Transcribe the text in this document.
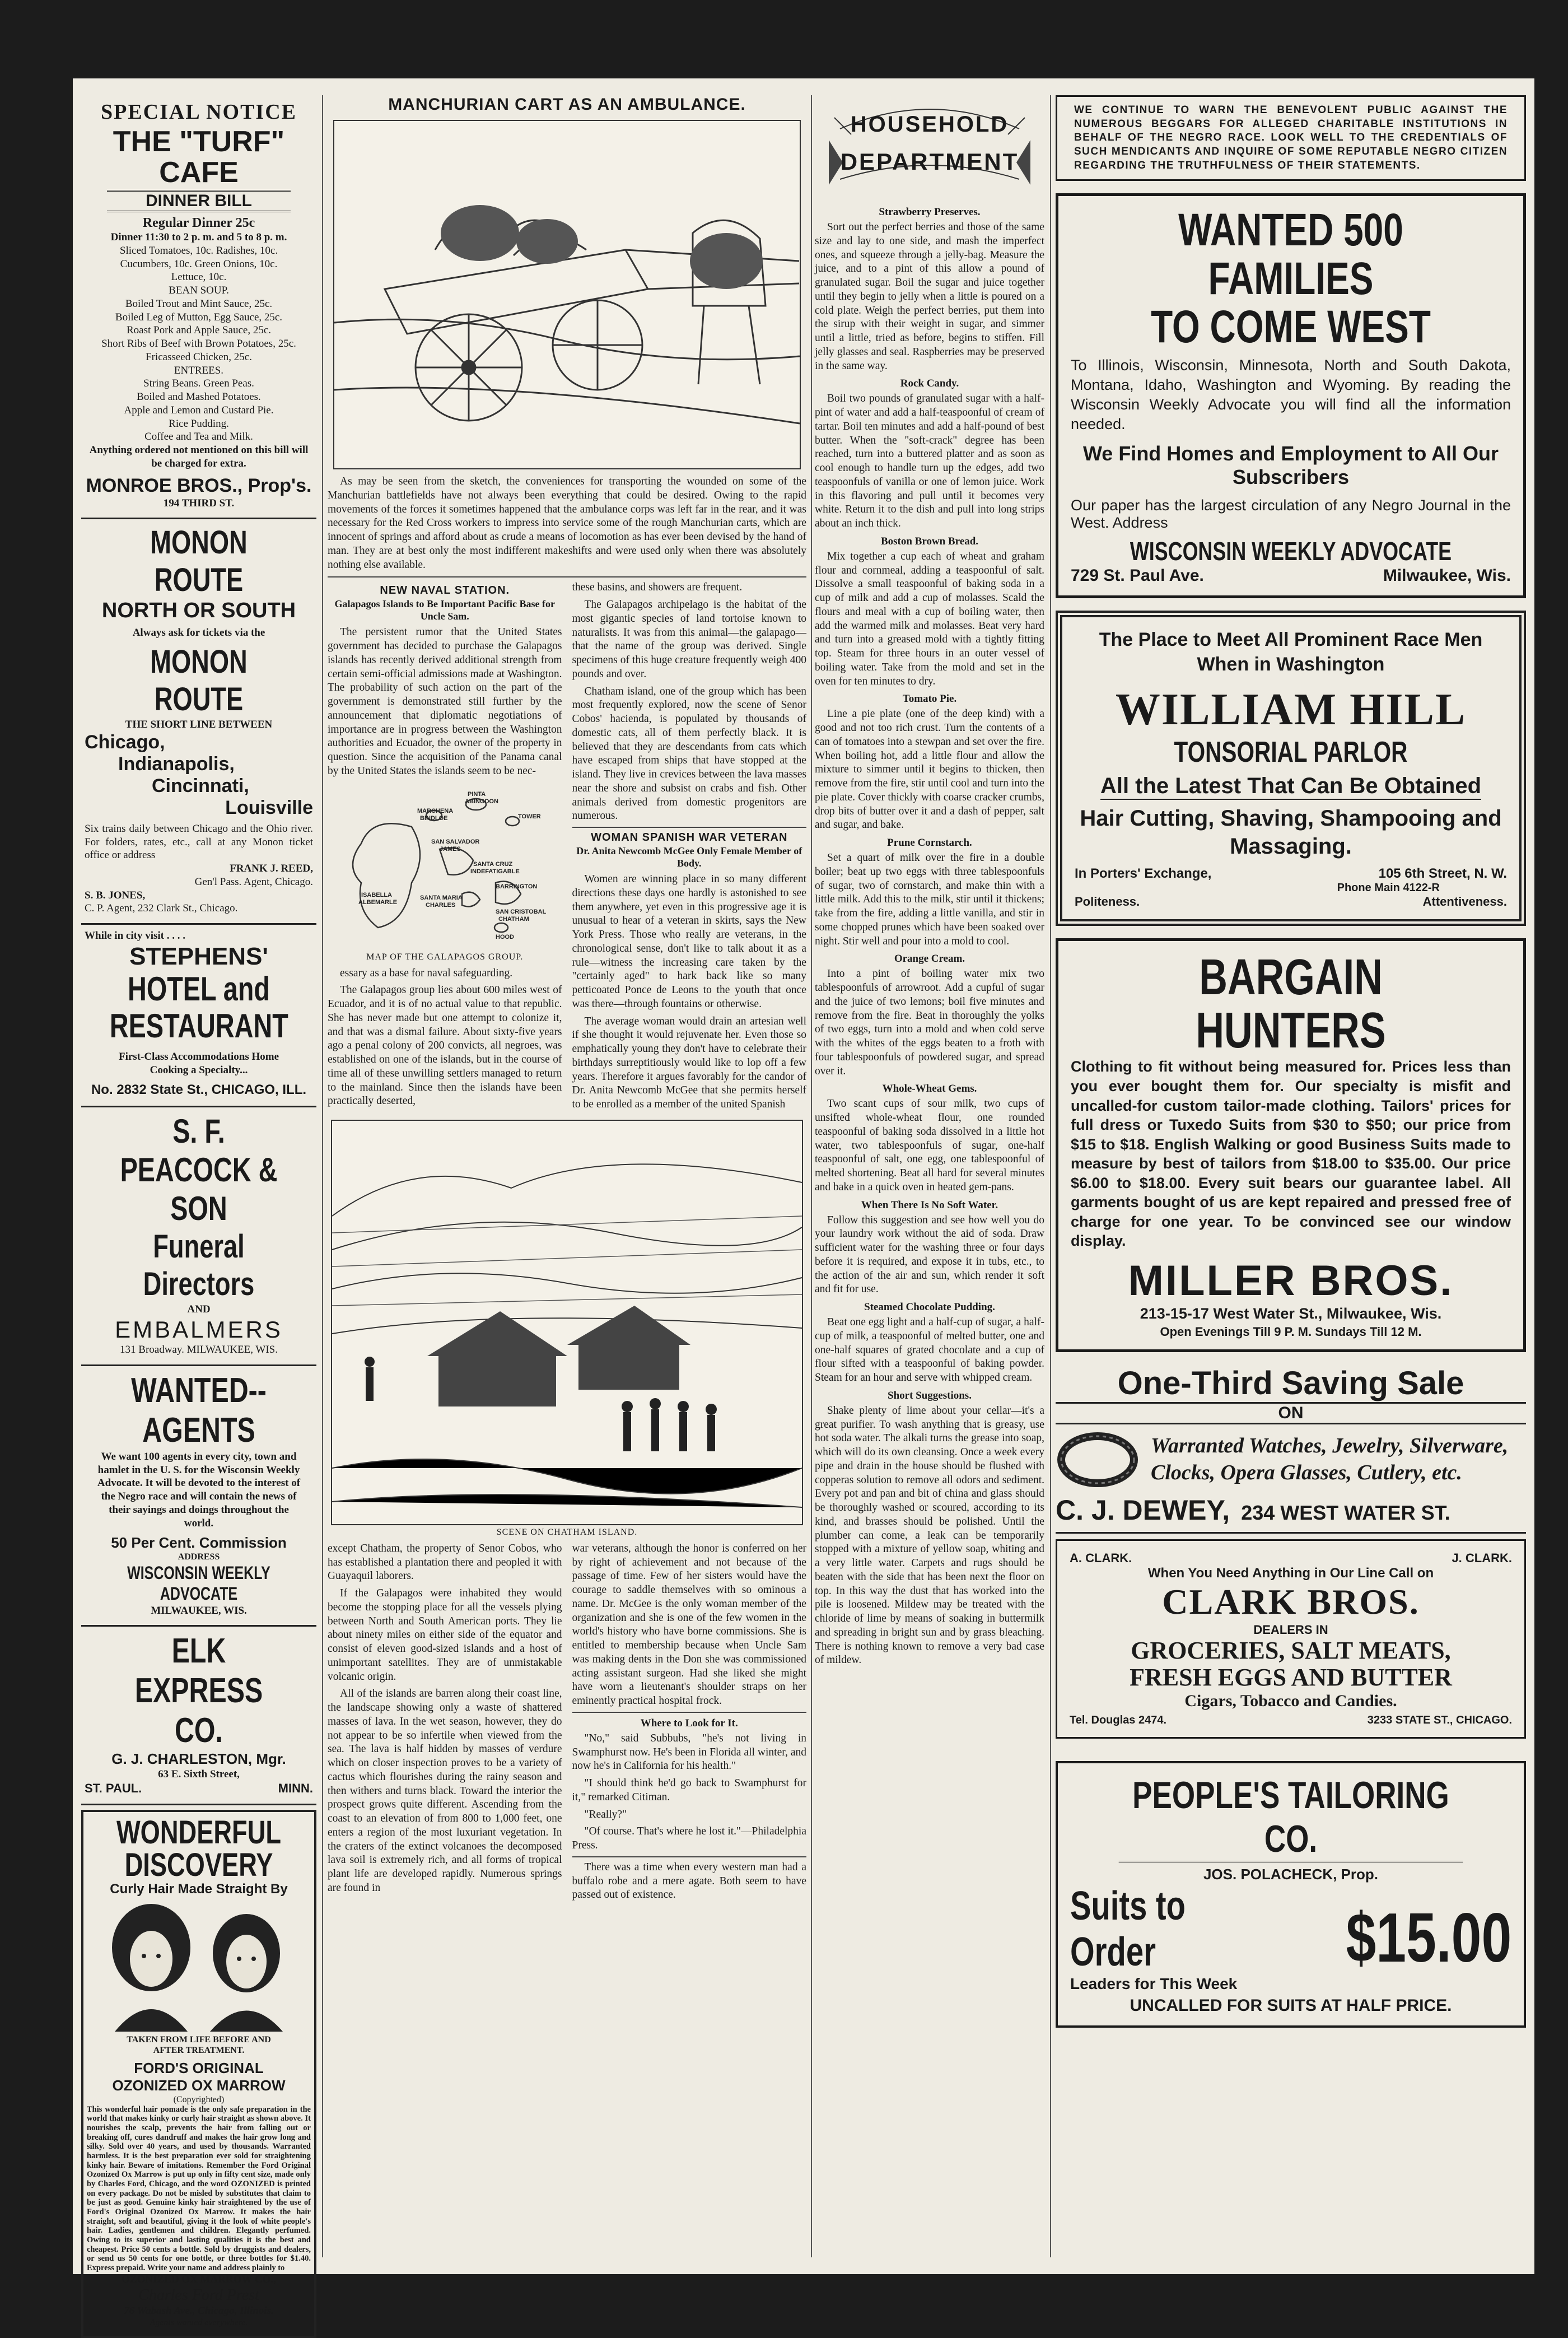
SPECIAL NOTICE
THE "TURF" CAFE
DINNER BILL
Regular Dinner 25c
Dinner 11:30 to 2 p. m. and 5 to 8 p. m.
Sliced Tomatoes, 10c. Radishes, 10c.
Cucumbers, 10c. Green Onions, 10c.
Lettuce, 10c.
BEAN SOUP.
Boiled Trout and Mint Sauce, 25c.
Boiled Leg of Mutton, Egg Sauce, 25c.
Roast Pork and Apple Sauce, 25c.
Short Ribs of Beef with Brown Potatoes, 25c.
Fricasseed Chicken, 25c.
ENTREES.
String Beans. Green Peas.
Boiled and Mashed Potatoes.
Apple and Lemon and Custard Pie.
Rice Pudding.
Coffee and Tea and Milk.
Anything ordered not mentioned on this bill will be charged for extra.
MONROE BROS., Prop's.
194 THIRD ST.
MONON ROUTE
NORTH OR SOUTH
Always ask for tickets via the
MONON ROUTE
THE SHORT LINE BETWEEN
Chicago,
Indianapolis,
Cincinnati,
Louisville
Six trains daily between Chicago and the Ohio river. For folders, rates, etc., call at any Monon ticket office or address
FRANK J. REED,
Gen'l Pass. Agent, Chicago.
S. B. JONES,
C. P. Agent, 232 Clark St., Chicago.
While in city visit . . . .
STEPHENS'
HOTEL and RESTAURANT
First-Class Accommodations Home Cooking a Specialty...
No. 2832 State St., CHICAGO, ILL.
S. F. PEACOCK & SON
Funeral Directors
AND
EMBALMERS
131 Broadway. MILWAUKEE, WIS.
WANTED--AGENTS
We want 100 agents in every city, town and hamlet in the U. S. for the Wisconsin Weekly Advocate. It will be devoted to the interest of the Negro race and will contain the news of their sayings and doings throughout the world.
50 Per Cent. Commission
ADDRESS
WISCONSIN WEEKLY ADVOCATE
MILWAUKEE, WIS.
ELK EXPRESS CO.
G. J. CHARLESTON, Mgr.
63 E. Sixth Street,
ST. PAUL.	MINN.
WONDERFUL
DISCOVERY
Curly Hair Made Straight By
TAKEN FROM LIFE BEFORE AND AFTER TREATMENT.
FORD'S ORIGINAL
OZONIZED OX MARROW
(Copyrighted)
This wonderful hair pomade is the only safe preparation in the world that makes kinky or curly hair straight as shown above. It nourishes the scalp, prevents the hair from falling out or breaking off, cures dandruff and makes the hair grow long and silky. Sold over 40 years, and used by thousands. Warranted harmless. It is the best preparation ever sold for straightening kinky hair. Beware of imitations. Remember the Ford Original Ozonized Ox Marrow is put up only in fifty cent size, made only by Charles Ford, Chicago, and the word OZONIZED is printed on every package. Do not be misled by substitutes that claim to be just as good. Genuine kinky hair straightened by the use of Ford's Original Ozonized Ox Marrow. It makes the hair straight, soft and beautiful, giving it the look of white people's hair. Ladies, gentlemen and children. Elegantly perfumed. Owing to its superior and lasting qualities it is the best and cheapest. Price 50 cents a bottle. Sold by druggists and dealers, or send us 50 cents for one bottle, or three bottles for $1.40. Express prepaid. Write your name and address plainly to
OZONIZED OX MARROW CO.,
Charles Ford Prest
76 Wabash Ave., Chicago, Illinois.
Agents wanted everywhere.
MANCHURIAN CART AS AN AMBULANCE.

As may be seen from the sketch, the conveniences for transporting the wounded on some of the Manchurian battlefields have not always been everything that could be desired. Owing to the rapid movements of the forces it sometimes happened that the ambulance corps was left far in the rear, and it was necessary for the Red Cross workers to impress into service some of the rough Manchurian carts, which are innocent of springs and afford about as crude a means of locomotion as has ever been devised by the hand of man. They are at best only the most indifferent makeshifts and were used only when there was absolutely nothing else available.

NEW NAVAL STATION.
Galapagos Islands to Be Important Pacific Base for Uncle Sam.

The persistent rumor that the United States government has decided to purchase the Galapagos islands has recently derived additional strength from certain semi-official admissions made at Washington. The probability of such action on the part of the government is demonstrated still further by the announcement that diplomatic negotiations of importance are in progress between the Washington authorities and Ecuador, the owner of the property in question. Since the acquisition of the Panama canal by the United States the islands seem to be nec-

PINTA
ABINGDON
MARCHENA
BINDLOE	TOWER
SAN SALVADOR
JAMES
SANTA CRUZ
INDEFATIGABLE
BARRINGTON
ISABELLA
ALBEMARLE
SANTA MARIA
CHARLES
SAN CRISTOBAL
CHATHAM
HOOD
MAP OF THE GALAPAGOS GROUP.

essary as a base for naval safeguarding.

The Galapagos group lies about 600 miles west of Ecuador, and it is of no actual value to that republic. She has never made but one attempt to colonize it, and that was a dismal failure. About sixty-five years ago a penal colony of 200 convicts, all negroes, was established on one of the islands, but in the course of time all of these unwilling settlers managed to return to the mainland. Since then the islands have been practically deserted,

these basins, and showers are frequent.

The Galapagos archipelago is the habitat of the most gigantic species of land tortoise known to naturalists. It was from this animal—the galapago—that the name of the group was derived. Single specimens of this huge creature frequently weigh 400 pounds and over.

Chatham island, one of the group which has been most frequently explored, now the scene of Senor Cobos' hacienda, is populated by thousands of domestic cats, all of them perfectly black. It is believed that they are descendants from cats which have escaped from ships that have stopped at the island. They live in crevices between the lava masses near the shore and subsist on crabs and fish. Other animals derived from domestic progenitors are numerous.

WOMAN SPANISH WAR VETERAN
Dr. Anita Newcomb McGee Only Female Member of Body.

Women are winning place in so many different directions these days one hardly is astonished to see them anywhere, yet even in this progressive age it is unusual to hear of a veteran in skirts, says the New York Press. Those who really are veterans, in the chronological sense, don't like to talk about it as a rule—witness the increasing care taken by the "certainly aged" to hark back like so many petticoated Ponce de Leons to the youth that once was there—through fountains or otherwise.

The average woman would drain an artesian well if she thought it would rejuvenate her. Even those so emphatically young they don't have to celebrate their birthdays surreptitiously would like to lop off a few years. Therefore it argues favorably for the candor of Dr. Anita Newcomb McGee that she permits herself to be enrolled as a member of the united Spanish

SCENE ON CHATHAM ISLAND.

except Chatham, the property of Senor Cobos, who has established a plantation there and peopled it with Guayaquil laborers.

If the Galapagos were inhabited they would become the stopping place for all the vessels plying between North and South American ports. They lie about ninety miles on either side of the equator and consist of eleven good-sized islands and a host of unimportant satellites. They are of unmistakable volcanic origin.

All of the islands are barren along their coast line, the landscape showing only a waste of shattered masses of lava. In the wet season, however, they do not appear to be so infertile when viewed from the sea. The lava is half hidden by masses of verdure which on closer inspection proves to be a variety of cactus which flourishes during the rainy season and then withers and turns black. Toward the interior the prospect grows quite different. Ascending from the coast to an elevation of from 800 to 1,000 feet, one enters a region of the most luxuriant vegetation. In the craters of the extinct volcanoes the decomposed lava soil is extremely rich, and all forms of tropical plant life are developed rapidly. Numerous springs are found in

war veterans, although the honor is conferred on her by right of achievement and not because of the passage of time. Few of her sisters would have the courage to saddle themselves with so ominous a name. Dr. McGee is the only woman member of the organization and she is one of the few women in the world's history who have borne commissions. She is entitled to membership because when Uncle Sam was making dents in the Don she was commissioned acting assistant surgeon. Had she liked she might have worn a lieutenant's shoulder straps on her eminently practical hospital frock.

Where to Look for It.

"No," said Subbubs, "he's not living in Swamphurst now. He's been in Florida all winter, and now he's in California for his health."

"I should think he'd go back to Swamphurst for it," remarked Citiman.

"Really?"

"Of course. That's where he lost it."—Philadelphia Press.

There was a time when every western man had a buffalo robe and a mere agate. Both seem to have passed out of existence.

HOUSEHOLD
DEPARTMENT
Strawberry Preserves.

Sort out the perfect berries and those of the same size and lay to one side, and mash the imperfect ones, and squeeze through a jelly-bag. Measure the juice, and to a pint of this allow a pound of granulated sugar. Boil the sugar and juice together until they begin to jelly when a little is poured on a cold plate. Weigh the perfect berries, put them into the sirup with their weight in sugar, and simmer until a little, tried as before, begins to stiffen. Fill jelly glasses and seal. Raspberries may be preserved in the same way.

Rock Candy.

Boil two pounds of granulated sugar with a half-pint of water and add a half-teaspoonful of cream of tartar. Boil ten minutes and add a half-pound of best butter. When the "soft-crack" degree has been reached, turn into a buttered platter and as soon as cool enough to handle turn up the edges, add two teaspoonfuls of vanilla or one of lemon juice. Work in this flavoring and pull until it becomes very white. Return it to the dish and pull into long strips about an inch thick.

Boston Brown Bread.

Mix together a cup each of wheat and graham flour and cornmeal, adding a teaspoonful of salt. Dissolve a small teaspoonful of baking soda in a cup of milk and add a cup of molasses. Scald the flours and meal with a cup of boiling water, then add the warmed milk and molasses. Beat very hard and turn into a greased mold with a tightly fitting top. Steam for three hours in an outer vessel of boiling water. Take from the mold and set in the oven for ten minutes to dry.

Tomato Pie.

Line a pie plate (one of the deep kind) with a good and not too rich crust. Turn the contents of a can of tomatoes into a stewpan and set over the fire. When boiling hot, add a little flour and allow the mixture to simmer until it begins to thicken, then remove from the fire, stir until cool and turn into the pie plate. Cover thickly with coarse cracker crumbs, drop bits of butter over it and a dash of pepper, salt and sugar, and bake.

Prune Cornstarch.

Set a quart of milk over the fire in a double boiler; beat up two eggs with three tablespoonfuls of sugar, two of cornstarch, and make thin with a little milk. Add this to the milk, stir until it thickens; take from the fire, adding a little vanilla, and stir in some chopped prunes which have been soaked over night. Stir well and pour into a mold to cool.

Orange Cream.

Into a pint of boiling water mix two tablespoonfuls of arrowroot. Add a cupful of sugar and the juice of two lemons; boil five minutes and remove from the fire. Beat in thoroughly the yolks of two eggs, turn into a mold and when cold serve with the whites of the eggs beaten to a froth with four tablespoonfuls of powdered sugar, and spread over it.

Whole-Wheat Gems.

Two scant cups of sour milk, two cups of unsifted whole-wheat flour, one rounded teaspoonful of baking soda dissolved in a little hot water, two tablespoonfuls of sugar, one-half teaspoonful of salt, one egg, one tablespoonful of melted shortening. Beat all hard for several minutes and bake in a quick oven in heated gem-pans.

When There Is No Soft Water.

Follow this suggestion and see how well you do your laundry work without the aid of soda. Draw sufficient water for the washing three or four days before it is required, and expose it in tubs, etc., to the action of the air and sun, which render it soft and fit for use.

Steamed Chocolate Pudding.

Beat one egg light and a half-cup of sugar, a half-cup of milk, a teaspoonful of melted butter, one and one-half squares of grated chocolate and a cup of flour sifted with a teaspoonful of baking powder. Steam for an hour and serve with whipped cream.

Short Suggestions.

Shake plenty of lime about your cellar—it's a great purifier. To wash anything that is greasy, use hot soda water. The alkali turns the grease into soap, which will do its own cleansing. Once a week every pipe and drain in the house should be flushed with copperas solution to remove all odors and sediment. Every pot and pan and bit of china and glass should be thoroughly washed or scoured, according to its kind, and brasses should be polished. Until the plumber can come, a leak can be temporarily stopped with a mixture of yellow soap, whiting and a very little water. Carpets and rugs should be beaten with the side that has been next the floor on top. In this way the dust that has worked into the pile is loosened. Mildew may be treated with the chloride of lime by means of soaking in buttermilk and spreading in bright sun and by grass bleaching. There is nothing known to remove a very bad case of mildew.

WE CONTINUE TO WARN THE BENEVOLENT PUBLIC AGAINST THE NUMEROUS BEGGARS FOR ALLEGED CHARITABLE INSTITUTIONS IN BEHALF OF THE NEGRO RACE. LOOK WELL TO THE CREDENTIALS OF SUCH MENDICANTS AND INQUIRE OF SOME REPUTABLE NEGRO CITIZEN REGARDING THE TRUTHFULNESS OF THEIR STATEMENTS.
WANTED 500 FAMILIES
TO COME WEST
To Illinois, Wisconsin, Minnesota, North and South Dakota, Montana, Idaho, Washington and Wyoming. By reading the Wisconsin Weekly Advocate you will find all the information needed.
We Find Homes and Employment to All Our Subscribers
Our paper has the largest circulation of any Negro Journal in the West. Address
WISCONSIN WEEKLY ADVOCATE
729 St. Paul Ave.	Milwaukee, Wis.
The Place to Meet All Prominent Race Men When in Washington
WILLIAM HILL
TONSORIAL PARLOR
All the Latest That Can Be Obtained
Hair Cutting, Shaving, Shampooing and Massaging.
In Porters' Exchange,	105 6th Street, N. W.
Phone Main 4122-R
Politeness.	Attentiveness.
BARGAIN HUNTERS
Clothing to fit without being measured for. Prices less than you ever bought them for. Our specialty is misfit and uncalled-for custom tailor-made clothing. Tailors' prices for full dress or Tuxedo Suits from $30 to $50; our price from $15 to $18. English Walking or good Business Suits made to measure by best of tailors from $18.00 to $35.00. Our price $6.00 to $18.00. Every suit bears our guarantee label. All garments bought of us are kept repaired and pressed free of charge for one year. To be convinced see our window display.
MILLER BROS.
213-15-17 West Water St., Milwaukee, Wis.
Open Evenings Till 9 P. M. Sundays Till 12 M.
One-Third Saving Sale
ON
Warranted Watches, Jewelry, Silverware, Clocks, Opera Glasses, Cutlery, etc.
C. J. DEWEY, 234 WEST WATER ST.
A. CLARK.	J. CLARK.
When You Need Anything in Our Line Call on
CLARK BROS.
DEALERS IN
GROCERIES, SALT MEATS,
FRESH EGGS AND BUTTER
Cigars, Tobacco and Candies.
Tel. Douglas 2474.	3233 STATE ST., CHICAGO.
PEOPLE'S TAILORING CO.
JOS. POLACHECK, Prop.
Suits to Order
Leaders for This Week
$15.00
UNCALLED FOR SUITS AT HALF PRICE.
